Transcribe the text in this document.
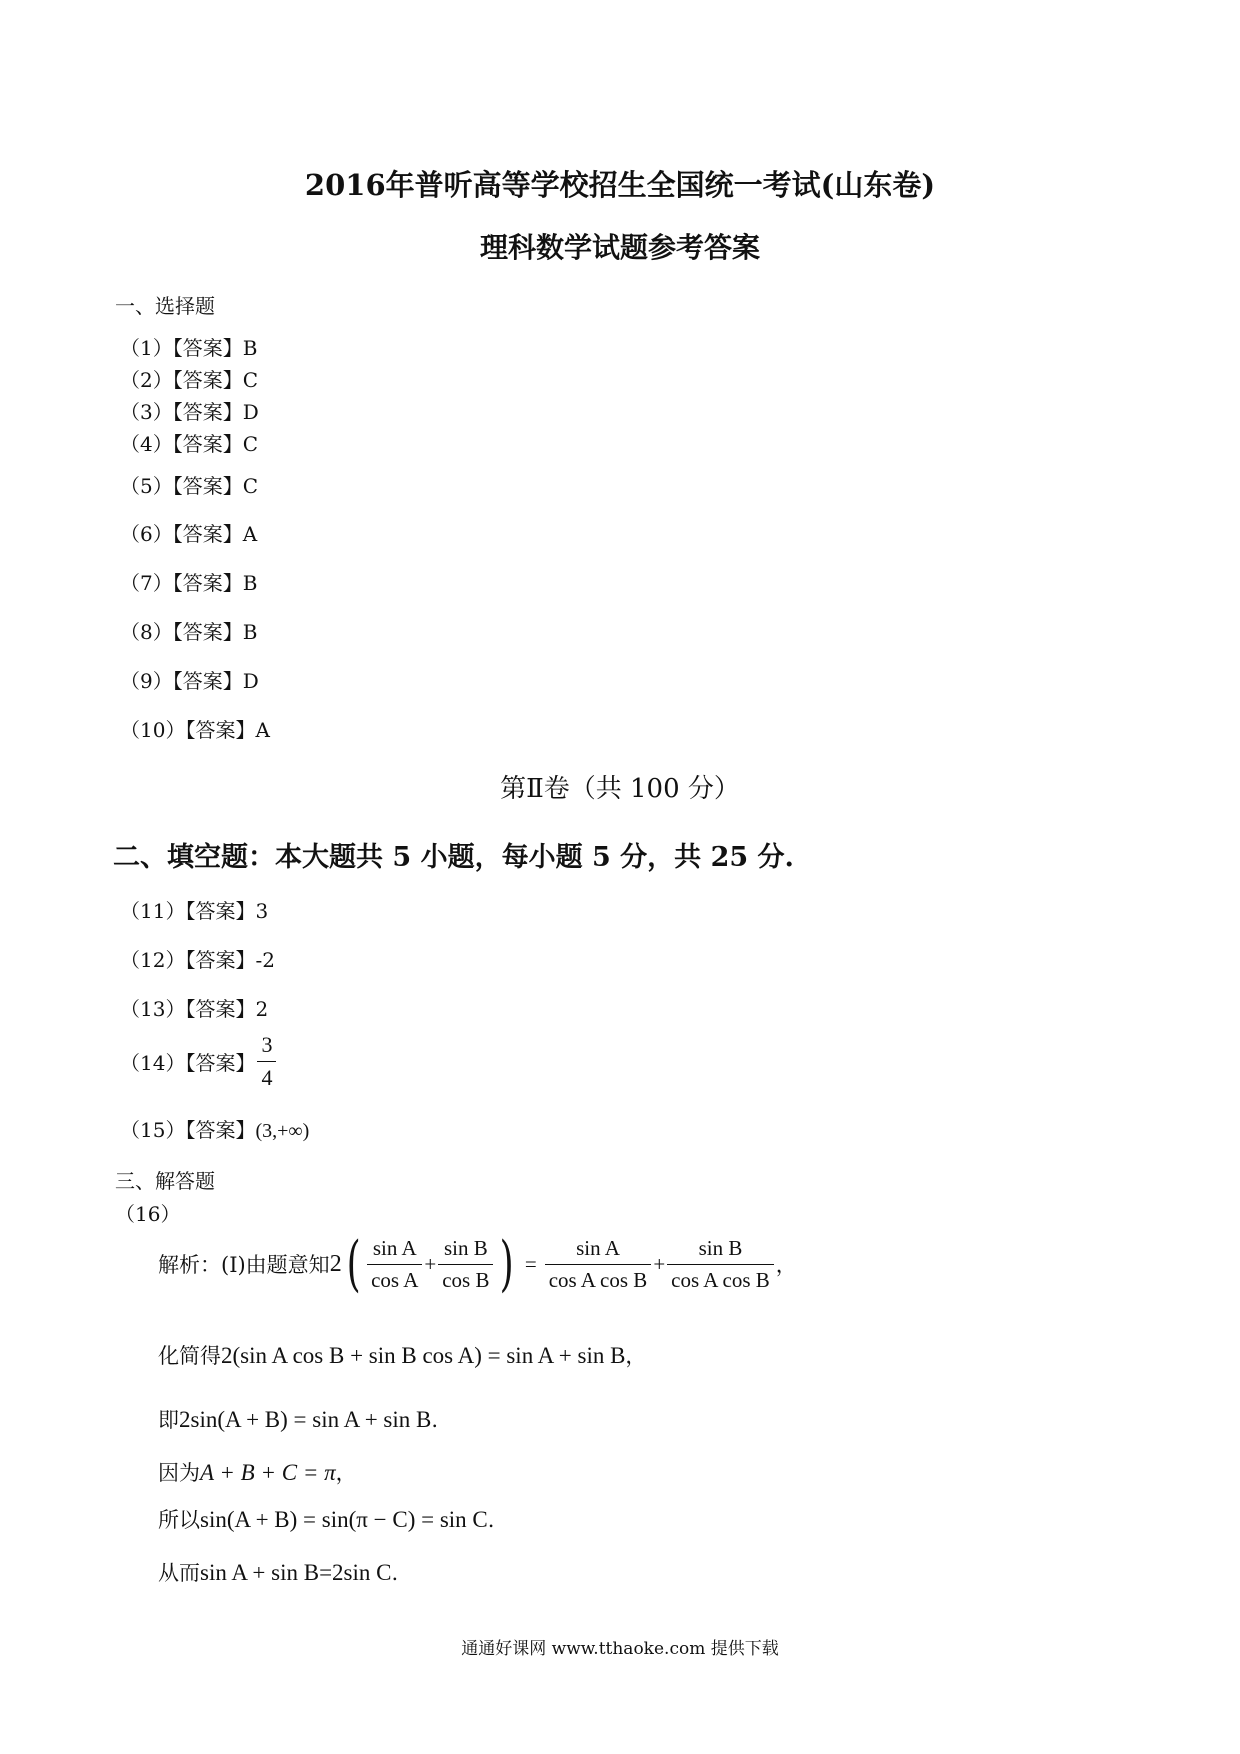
2016年普听高等学校招生全国统一考试(山东卷)
理科数学试题参考答案
一、选择题
（1）【答案】B
（2）【答案】C
（3）【答案】D
（4）【答案】C
（5）【答案】C
（6）【答案】A
（7）【答案】B
（8）【答案】B
（9）【答案】D
（10）【答案】A
第Ⅱ卷（共 100 分）
二、填空题：本大题共 5 小题，每小题 5 分，共 25 分.
（11）【答案】3
（12）【答案】-2
（13）【答案】2
（14）【答案】 $\frac{3}{4}$
（15）【答案】(3,+∞)
三、解答题
（16）
解析：(Ⅰ)由题意知 2 ( $\frac{\text{sin A}}{\text{cos A}} + \frac{\text{sin B}}{\text{cos B}}$ ) = $\frac{\text{sin A}}{\text{cos A cos B}} + \frac{\text{sin B}}{\text{cos A cos B}}$ ，
化简得2(sin A cos B + sin B cos A) = sin A + sin B，
即2sin(A + B) = sin A + sin B.
因为A + B + C = π，
所以sin(A + B) = sin(π − C) = sin C.
从而sin A + sin B=2sin C.
通通好课网 www.tthaoke.com 提供下载
